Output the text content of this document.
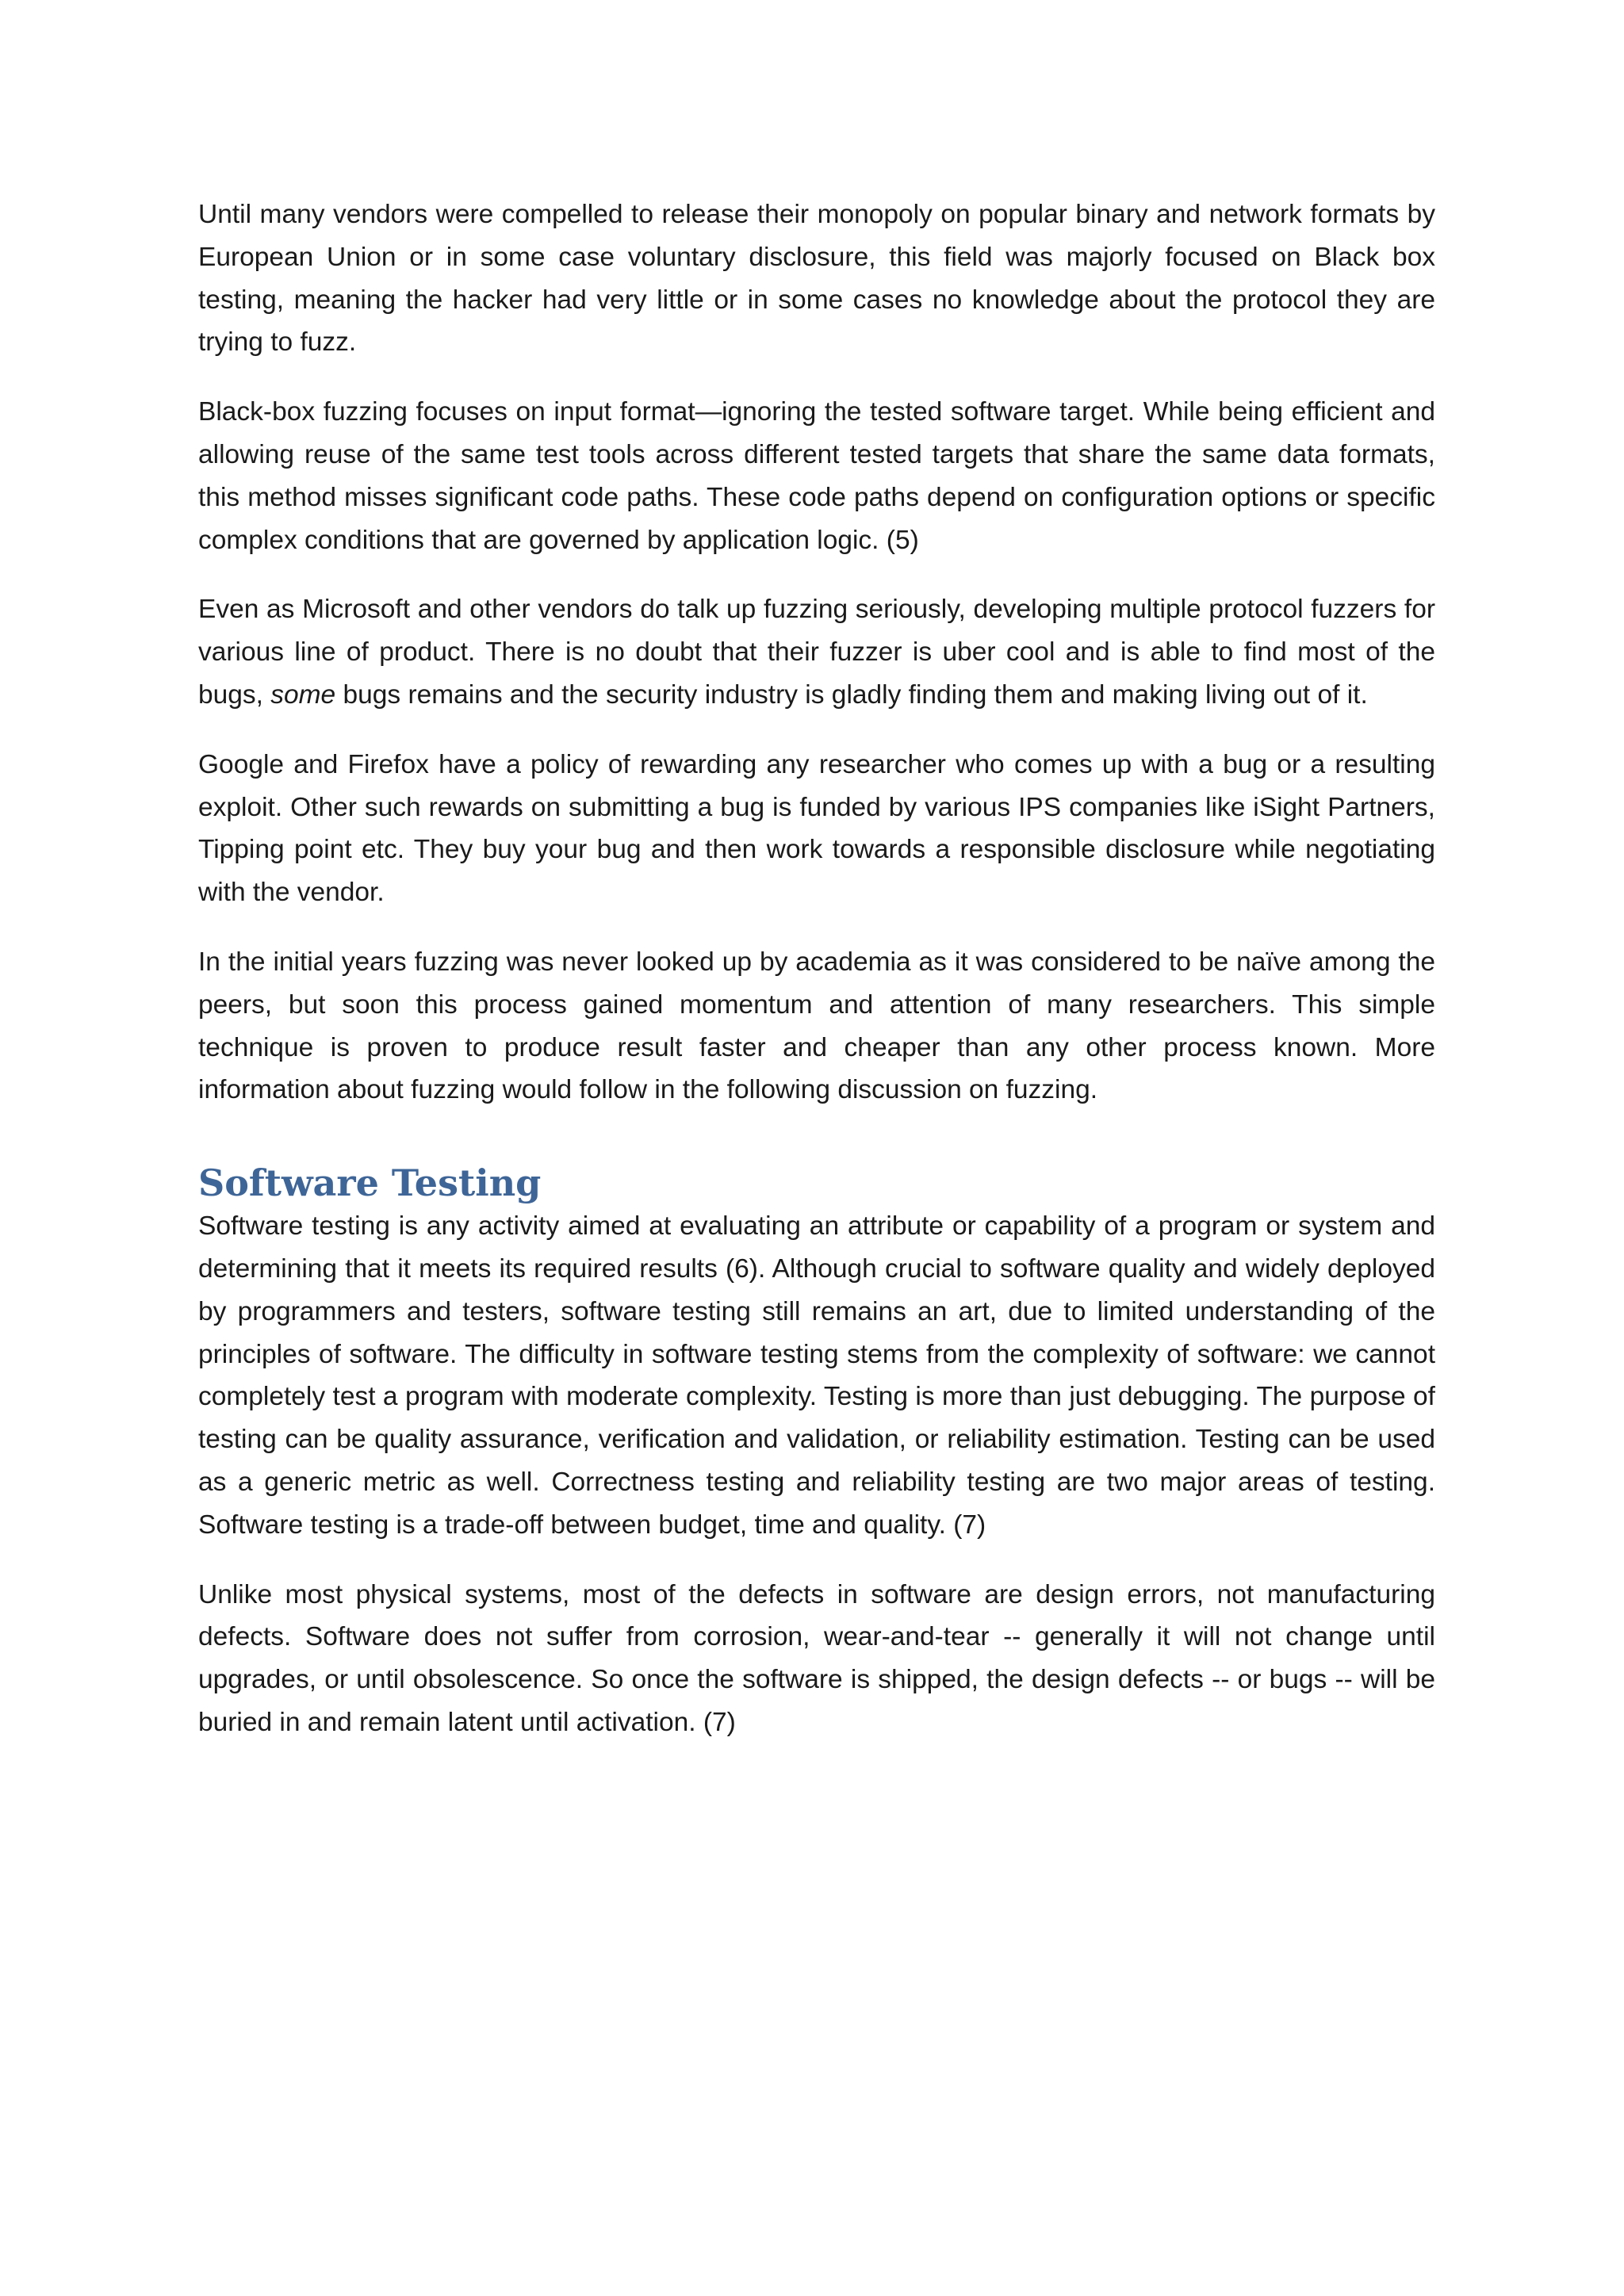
Until many vendors were compelled to release their monopoly on popular binary and network formats by European Union or in some case voluntary disclosure, this field was majorly focused on Black box testing, meaning the hacker had very little or in some cases no knowledge about the protocol they are trying to fuzz.

Black-box fuzzing focuses on input format—ignoring the tested software target. While being efficient and allowing reuse of the same test tools across different tested targets that share the same data formats, this method misses significant code paths. These code paths depend on configuration options or specific complex conditions that are governed by application logic. (5)

Even as Microsoft and other vendors do talk up fuzzing seriously, developing multiple protocol fuzzers for various line of product. There is no doubt that their fuzzer is uber cool and is able to find most of the bugs, some bugs remains and the security industry is gladly finding them and making living out of it.

Google and Firefox have a policy of rewarding any researcher who comes up with a bug or a resulting exploit. Other such rewards on submitting a bug is funded by various IPS companies like iSight Partners, Tipping point etc. They buy your bug and then work towards a responsible disclosure while negotiating with the vendor.

In the initial years fuzzing was never looked up by academia as it was considered to be naïve among the peers, but soon this process gained momentum and attention of many researchers. This simple technique is proven to produce result faster and cheaper than any other process known. More information about fuzzing would follow in the following discussion on fuzzing.

Software Testing

Software testing is any activity aimed at evaluating an attribute or capability of a program or system and determining that it meets its required results (6). Although crucial to software quality and widely deployed by programmers and testers, software testing still remains an art, due to limited understanding of the principles of software. The difficulty in software testing stems from the complexity of software: we cannot completely test a program with moderate complexity. Testing is more than just debugging. The purpose of testing can be quality assurance, verification and validation, or reliability estimation. Testing can be used as a generic metric as well. Correctness testing and reliability testing are two major areas of testing. Software testing is a trade-off between budget, time and quality. (7)

Unlike most physical systems, most of the defects in software are design errors, not manufacturing defects. Software does not suffer from corrosion, wear-and-tear -- generally it will not change until upgrades, or until obsolescence. So once the software is shipped, the design defects -- or bugs -- will be buried in and remain latent until activation. (7)
